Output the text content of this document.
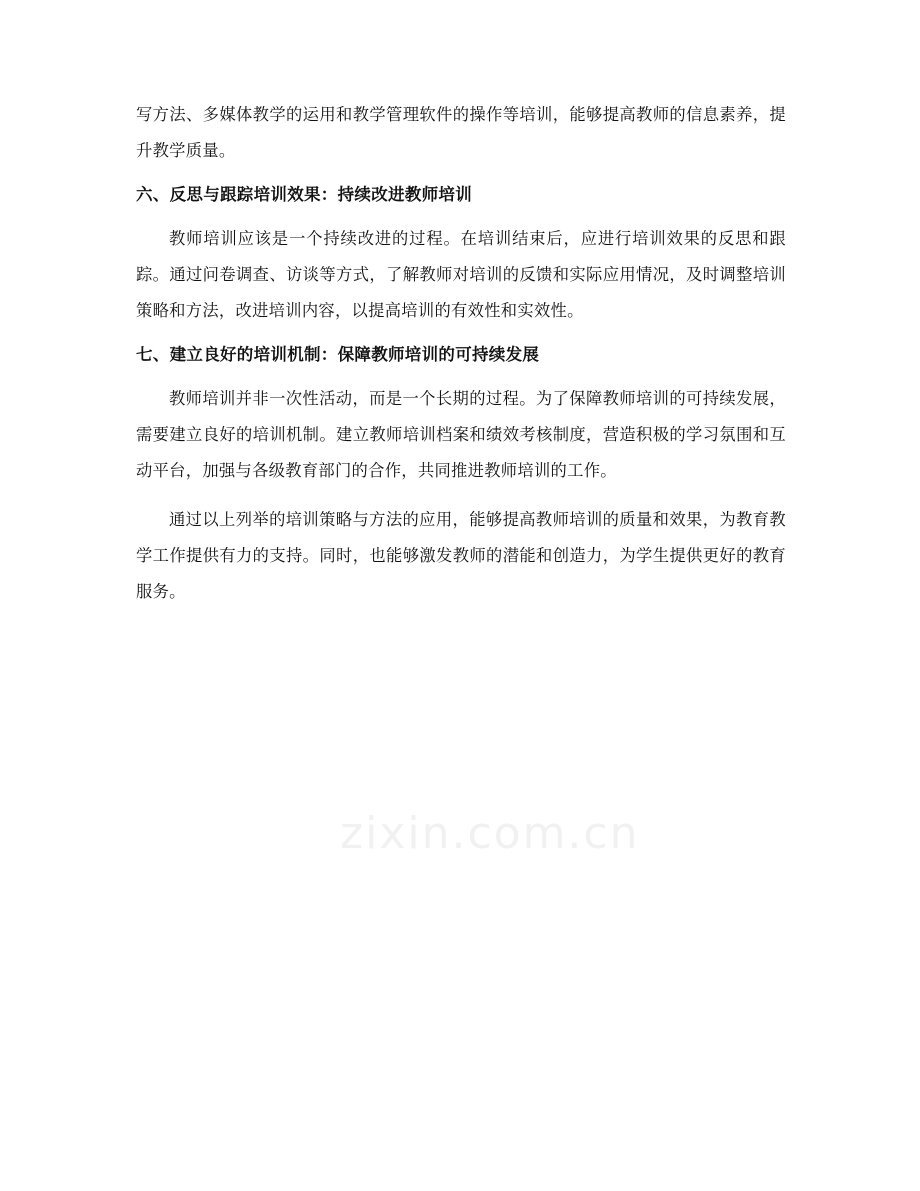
写方法、多媒体教学的运用和教学管理软件的操作等培训，能够提高教师的信息素养，提升教学质量。

六、反思与跟踪培训效果：持续改进教师培训

教师培训应该是一个持续改进的过程。在培训结束后，应进行培训效果的反思和跟踪。通过问卷调查、访谈等方式，了解教师对培训的反馈和实际应用情况，及时调整培训策略和方法，改进培训内容，以提高培训的有效性和实效性。

七、建立良好的培训机制：保障教师培训的可持续发展

教师培训并非一次性活动，而是一个长期的过程。为了保障教师培训的可持续发展，需要建立良好的培训机制。建立教师培训档案和绩效考核制度，营造积极的学习氛围和互动平台，加强与各级教育部门的合作，共同推进教师培训的工作。

通过以上列举的培训策略与方法的应用，能够提高教师培训的质量和效果，为教育教学工作提供有力的支持。同时，也能够激发教师的潜能和创造力，为学生提供更好的教育服务。

zixin.com.cn
